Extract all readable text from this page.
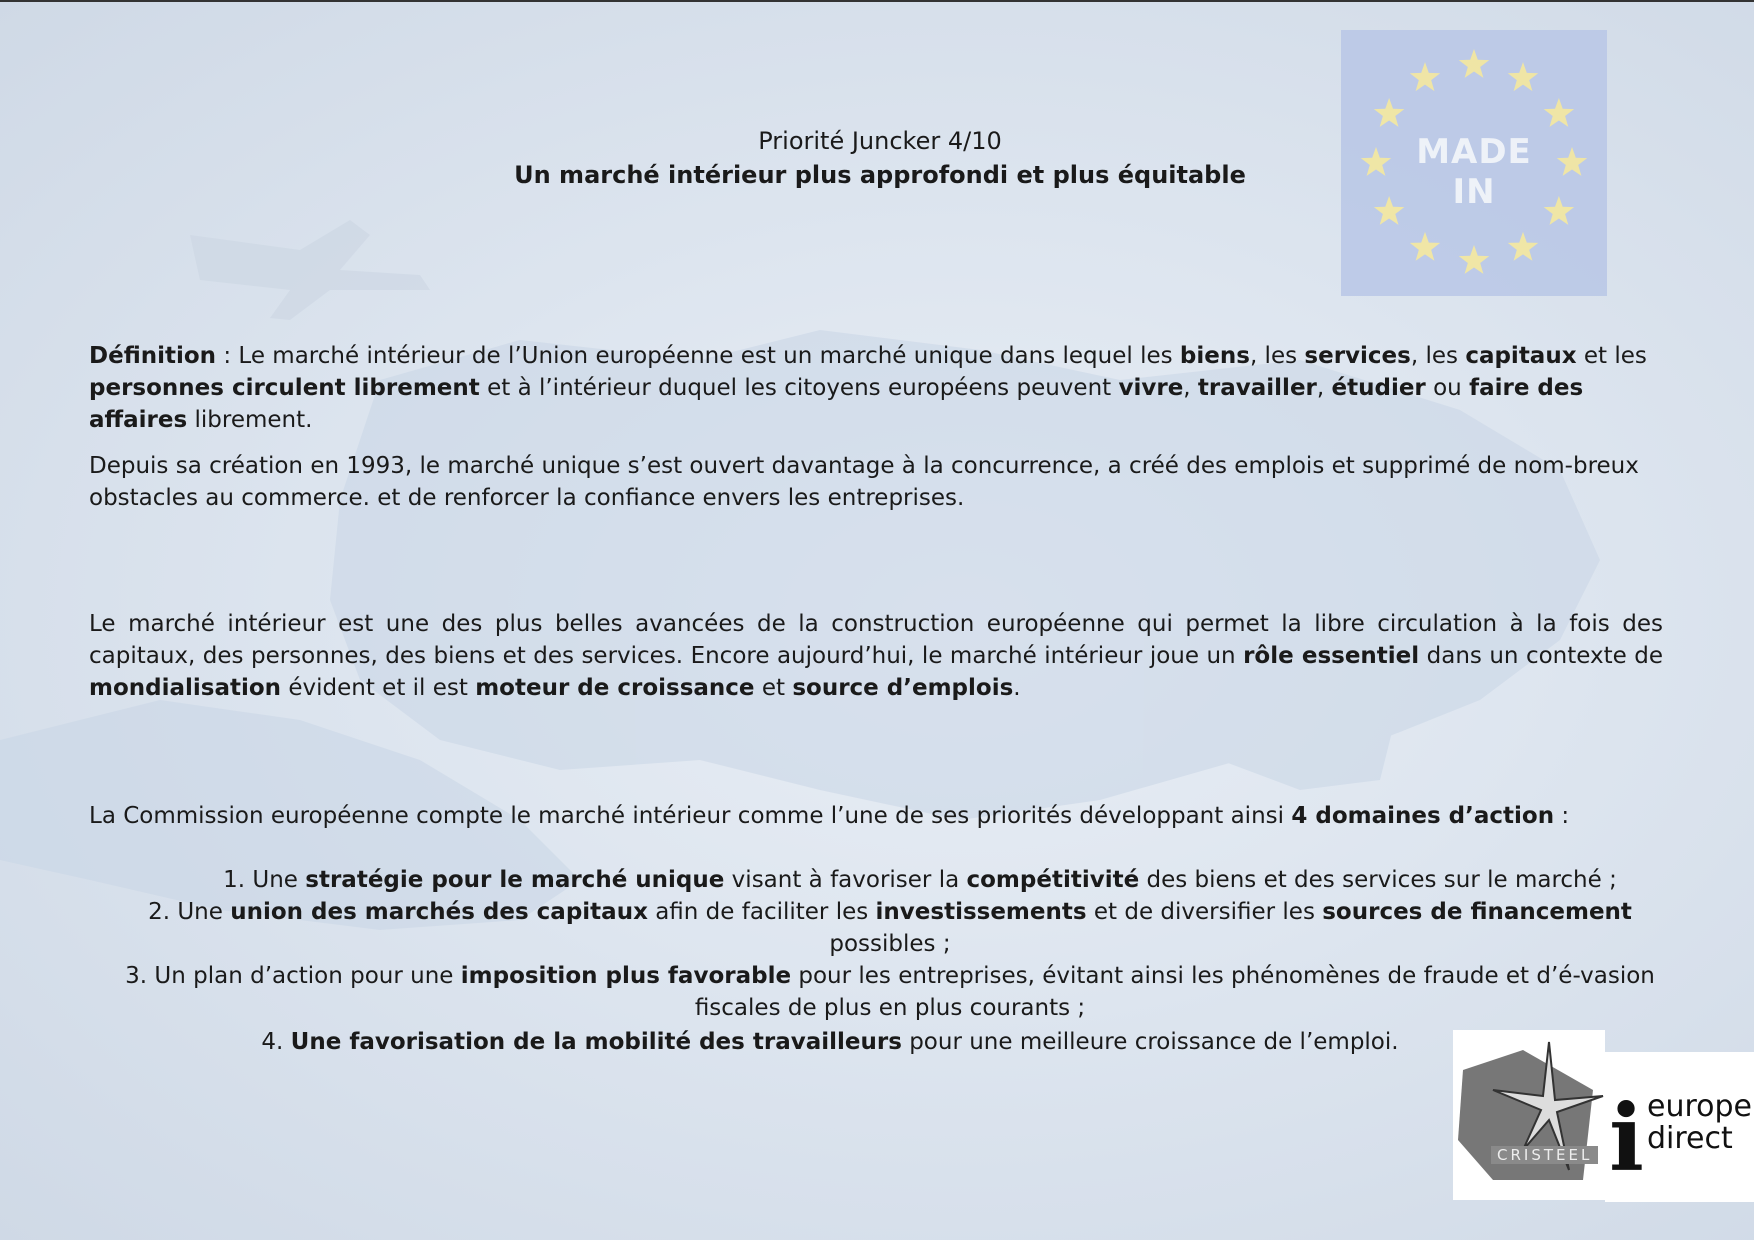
Priorité Juncker 4/10
Un marché intérieur plus approfondi et plus équitable
MADE
IN

Définition : Le marché intérieur de l’Union européenne est un marché unique dans lequel les biens, les services, les capitaux et les personnes circulent librement et à l’intérieur duquel les citoyens européens peuvent vivre, travailler, étudier ou faire des affaires librement.

Depuis sa création en 1993, le marché unique s’est ouvert davantage à la concurrence, a créé des emplois et supprimé de nom-breux obstacles au commerce. et de renforcer la confiance envers les entreprises.

Le marché intérieur est une des plus belles avancées de la construction européenne qui permet la libre circulation à la fois des capitaux, des personnes, des biens et des services. Encore aujourd’hui, le marché intérieur joue un rôle essentiel dans un contexte de mondialisation évident et il est moteur de croissance et source d’emplois.

La Commission européenne compte le marché intérieur comme l’une de ses priorités développant ainsi 4 domaines d’action :

1. Une stratégie pour le marché unique visant à favoriser la compétitivité des biens et des services sur le marché ;

2. Une union des marchés des capitaux afin de faciliter les investissements et de diversifier les sources de financement possibles ;

3. Un plan d’action pour une imposition plus favorable pour les entreprises, évitant ainsi les phénomènes de fraude et d’é-vasion fiscales de plus en plus courants ;

4. Une favorisation de la mobilité des travailleurs pour une meilleure croissance de l’emploi.

CRISTEEL i europe
direct
